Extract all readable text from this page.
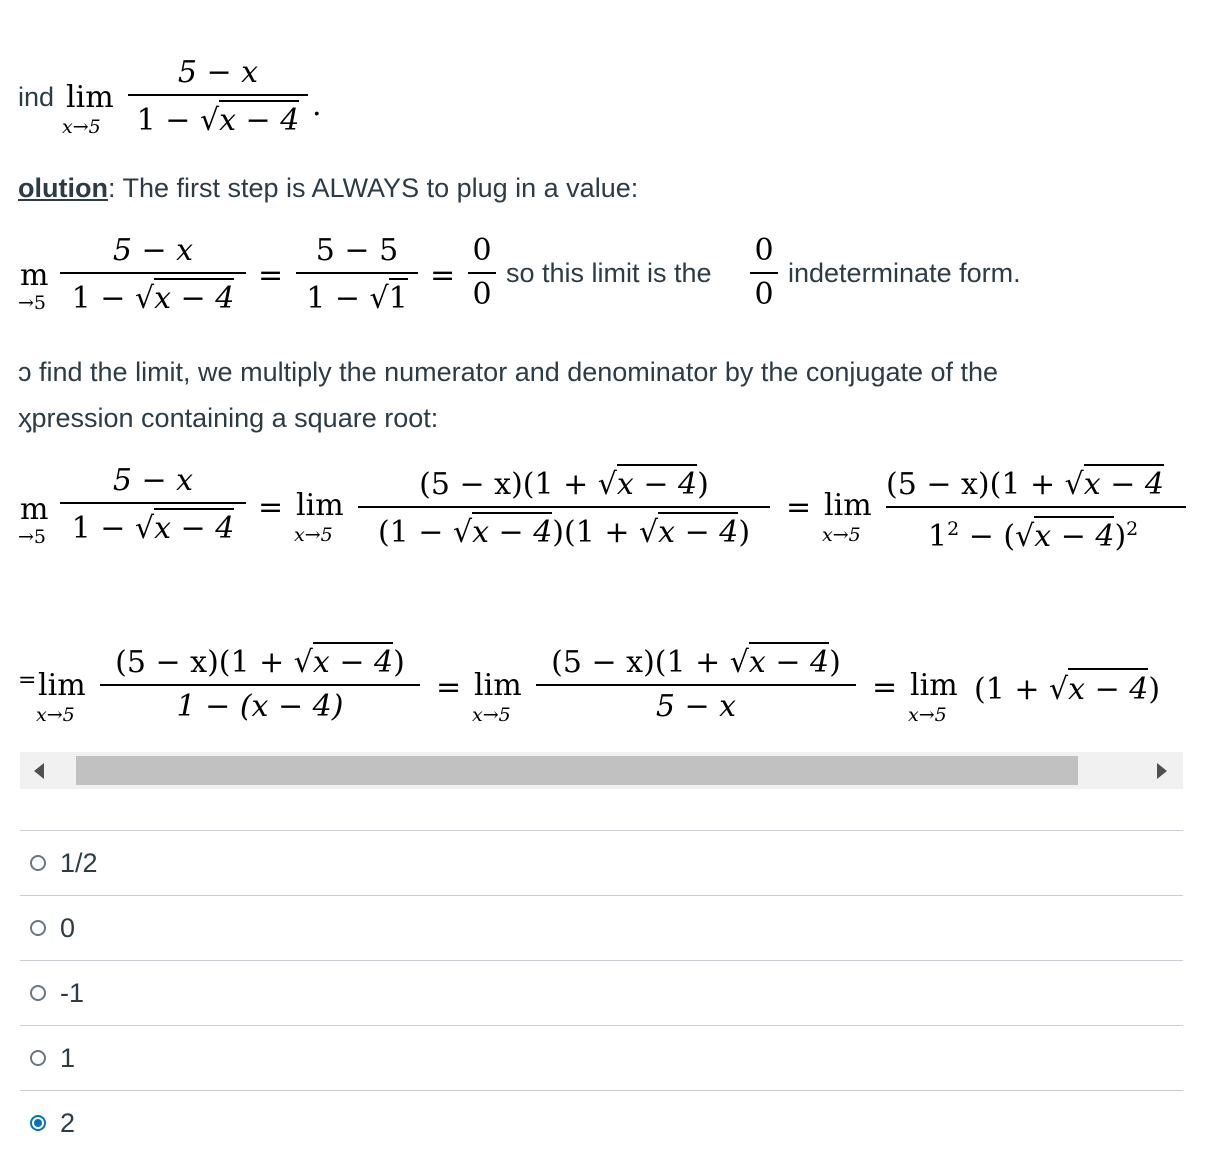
ind lim
x→5
5 − x
1 − √x − 4 .
olution: The first step is ALWAYS to plug in a value:
m
→5
5 − x
1 − √x − 4
=
5 − 5
1 − √1
=
0
0
so this limit is the
0
0
indeterminate form.
ɔ find the limit, we multiply the numerator and denominator by the conjugate of the
ӽpression containing a square root:
m
→5
5 − x
1 − √x − 4
= lim
x→5
(5 − x)(1 + √x − 4)
(1 − √x − 4)(1 + √x − 4)
= lim
x→5
(5 − x)(1 + √x − 4
$1^2 - (√x - 4)^2$
= lim
x→5
(5 − x)(1 + √x − 4)
1 − (x − 4)
= lim
x→5
(5 − x)(1 + √x − 4)
5 − x
= lim
x→5
(1 + √x − 4)
1/2
0
-1
1
2
